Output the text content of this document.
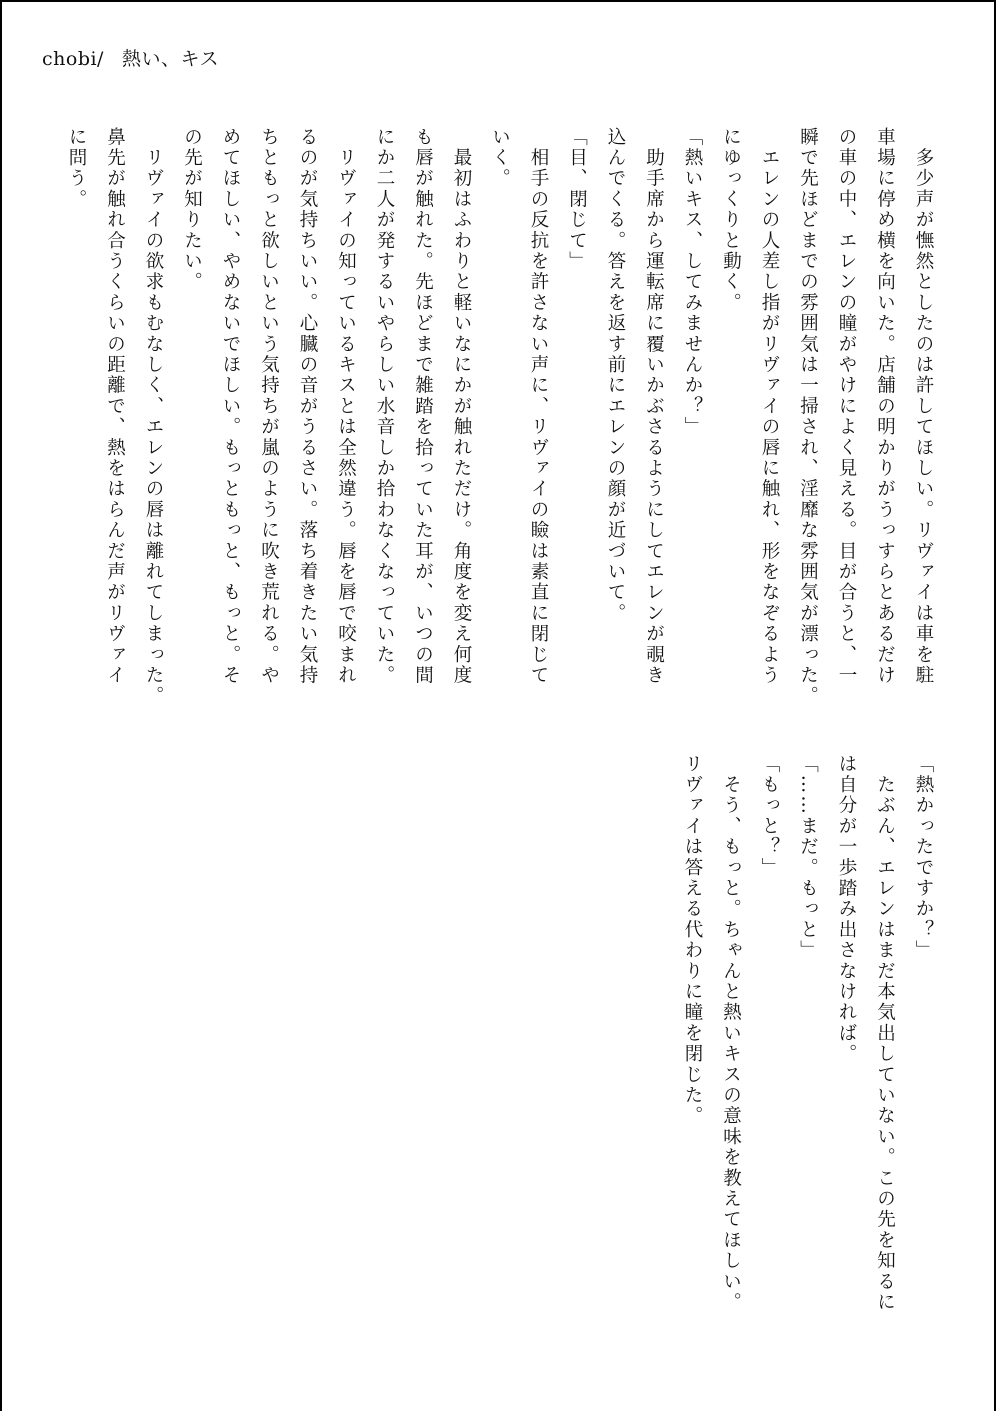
chobi/ 熱い、キス

　多少声が憮然としたのは許してほしい。リヴァイは車を駐

車場に停め横を向いた。店舗の明かりがうっすらとあるだけ

の車の中、エレンの瞳がやけによく見える。目が合うと、一

瞬で先ほどまでの雰囲気は一掃され、淫靡な雰囲気が漂った。

　エレンの人差し指がリヴァイの唇に触れ、形をなぞるよう

にゆっくりと動く。

「熱いキス、してみませんか？」

　助手席から運転席に覆いかぶさるようにしてエレンが覗き

込んでくる。答えを返す前にエレンの顔が近づいて。

「目、閉じて」

　相手の反抗を許さない声に、リヴァイの瞼は素直に閉じて

いく。

　最初はふわりと軽いなにかが触れただけ。角度を変え何度

も唇が触れた。先ほどまで雑踏を拾っていた耳が、いつの間

にか二人が発するいやらしい水音しか拾わなくなっていた。

　リヴァイの知っているキスとは全然違う。唇を唇で咬まれ

るのが気持ちいい。心臓の音がうるさい。落ち着きたい気持

ちともっと欲しいという気持ちが嵐のように吹き荒れる。や

めてほしい、やめないでほしい。もっともっと、もっと。そ

の先が知りたい。

　リヴァイの欲求もむなしく、エレンの唇は離れてしまった。

鼻先が触れ合うくらいの距離で、熱をはらんだ声がリヴァイ

に問う。

「熱かったですか？」

　たぶん、エレンはまだ本気出していない。この先を知るに

は自分が一歩踏み出さなければ。

「……まだ。もっと」

「もっと？」

　そう、もっと。ちゃんと熱いキスの意味を教えてほしい。

リヴァイは答える代わりに瞳を閉じた。
